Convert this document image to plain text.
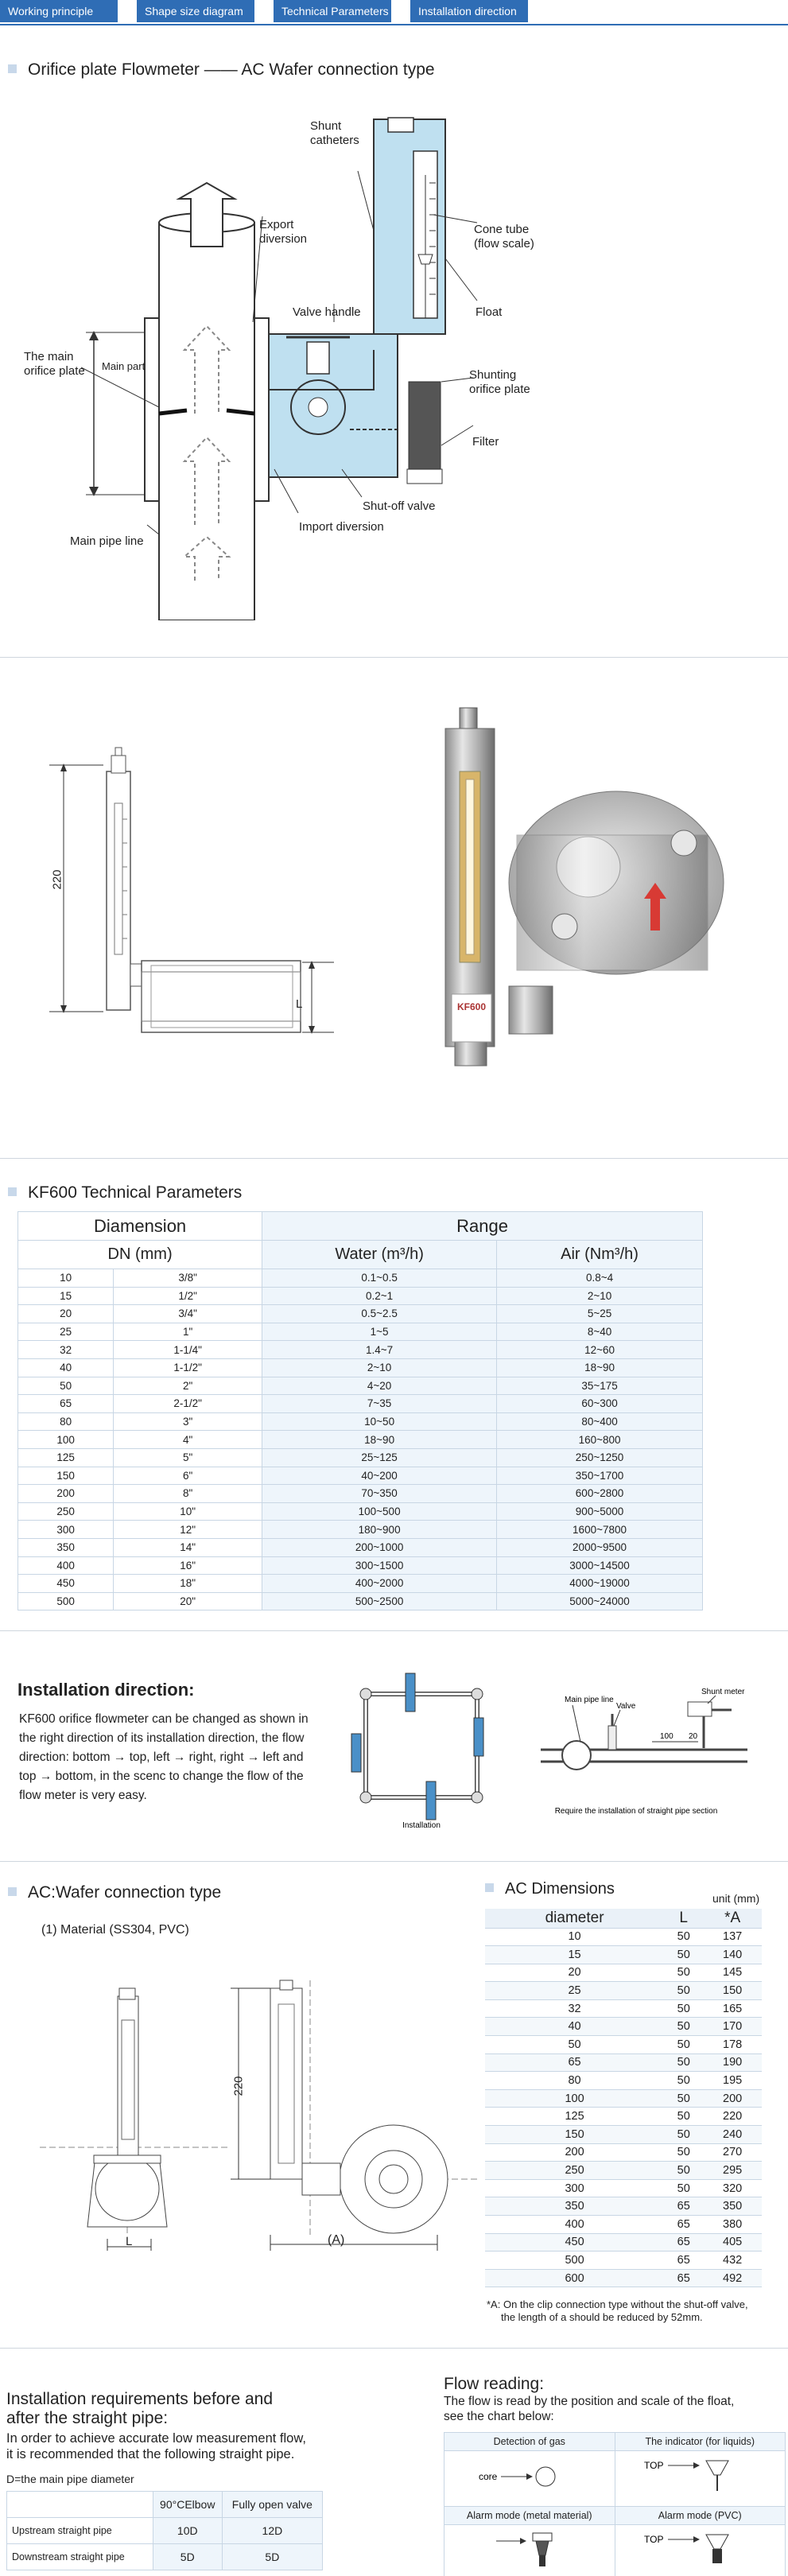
Working principle	Shape size diagram	Technical Parameters	Installation direction
Orifice plate Flowmeter —— AC Wafer connection type
Shunt
catheters
Export
diversion
Cone tube
(flow scale)
Valve handle	Float
The main
orifice plate Main part
Shunting
orifice plate
Filter
Shut-off valve
Import diversion
Main pipe line
KF600
220
L
KF600 Technical Parameters
Diamension		Range	
DN (mm)		Water (m³/h)	Air (Nm³/h)
10	3/8"	0.1~0.5	0.8~4
15	1/2"	0.2~1	2~10
20	3/4"	0.5~2.5	5~25
25	1"	1~5	8~40
32	1-1/4"	1.4~7	12~60
40	1-1/2"	2~10	18~90
50	2"	4~20	35~175
65	2-1/2"	7~35	60~300
80	3"	10~50	80~400
100	4"	18~90	160~800
125	5"	25~125	250~1250
150	6"	40~200	350~1700
200	8"	70~350	600~2800
250	10"	100~500	900~5000
300	12"	180~900	1600~7800
350	14"	200~1000	2000~9500
400	16"	300~1500	3000~14500
450	18"	400~2000	4000~19000
500	20"	500~2500	5000~24000
Installation direction:
KF600 orifice flowmeter can be changed as shown in the right direction of its installation direction, the flow direction: bottom → top, left → right, right → left and top → bottom, in the scenc to change the flow of the flow meter is very easy.
Installation
Main pipe line
Valve
Shunt meter
100 20
Require the installation of straight pipe section
AC:Wafer connection type
(1) Material (SS304, PVC)
220
L	(A)
AC Dimensions
unit (mm)
diameter	L	*A
10	50	137
15	50	140
20	50	145
25	50	150
32	50	165
40	50	170
50	50	178
65	50	190
80	50	195
100	50	200
125	50	220
150	50	240
200	50	270
250	50	295
300	50	320
350	65	350
400	65	380
450	65	405
500	65	432
600	65	492
*A: On the clip connection type without the shut-off valve,
the length of a should be reduced by 52mm.
Installation requirements before and
after the straight pipe:
In order to achieve accurate low measurement flow,
it is recommended that the following straight pipe.
D=the main pipe diameter
	90°CElbow	Fully open valve
Upstream straight pipe	10D	12D
Downstream straight pipe	5D	5D
Flow reading:
The flow is read by the position and scale of the float,
see the chart below:
Detection of gas	The indicator (for liquids)

core	TOP

Alarm mode (metal material)	Alarm mode (PVC)

TOP
